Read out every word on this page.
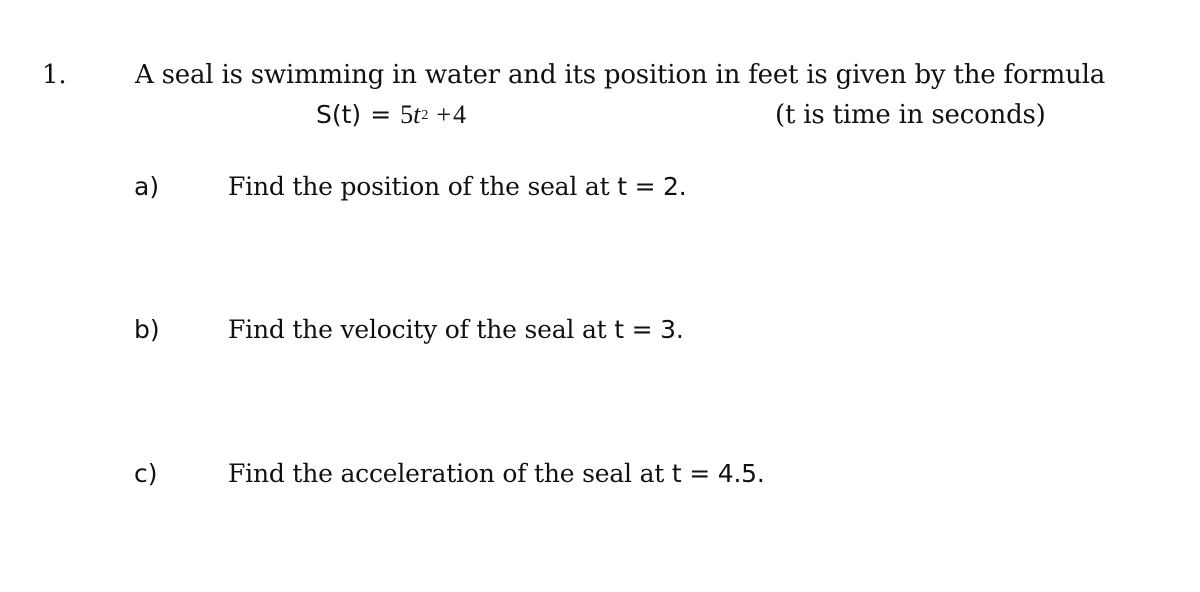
1.	A seal is swimming in water and its position in feet is given by the formula
S(t) = 5 $t^2 + 4$	(t is time in seconds)
a)	Find the position of the seal at t = 2.
b)	Find the velocity of the seal at t = 3.
c)	Find the acceleration of the seal at t = 4.5.
